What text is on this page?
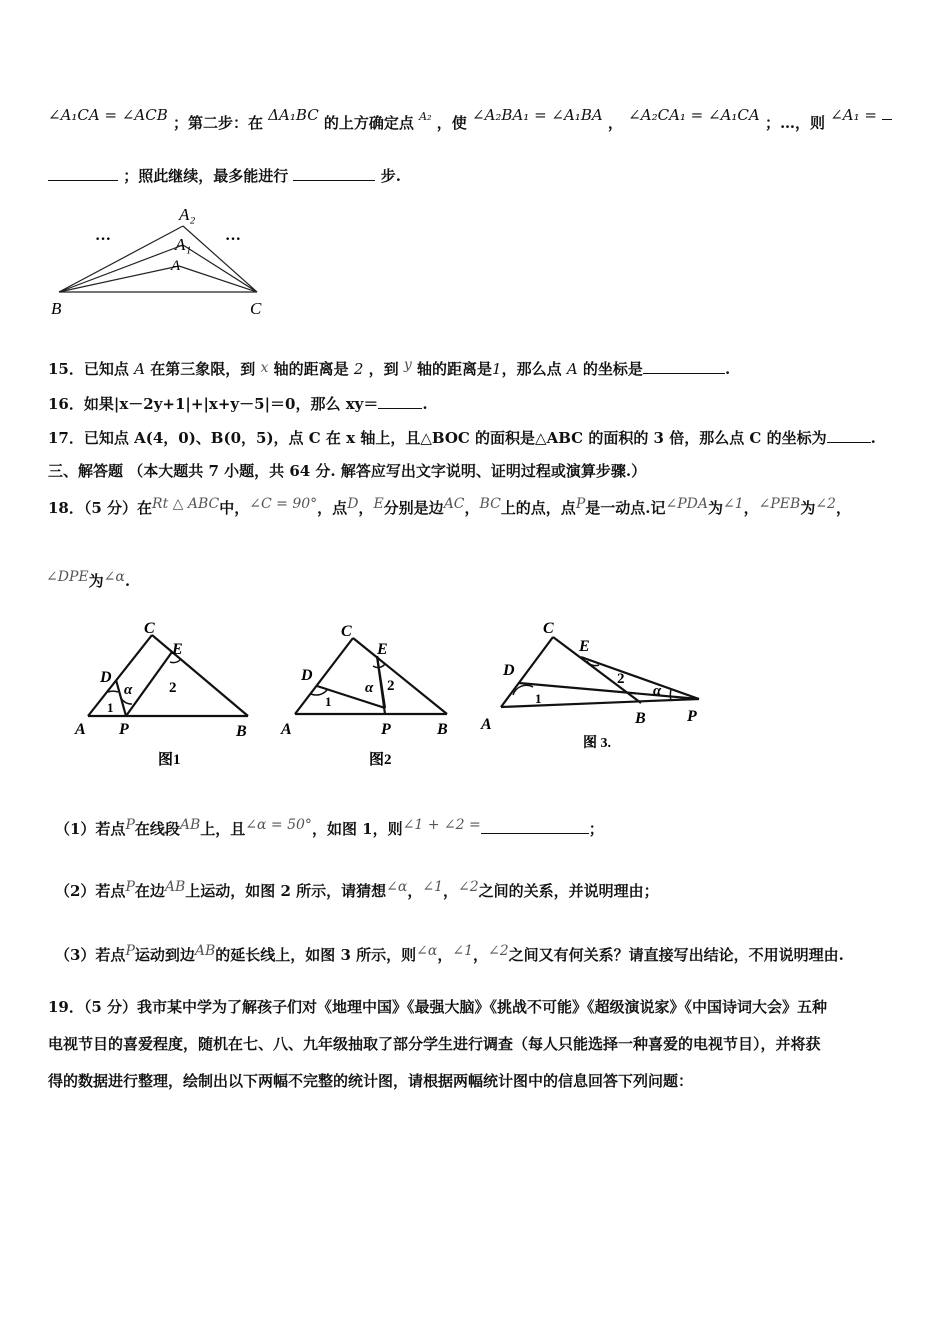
∠A₁CA = ∠ACB ；第二步：在 ΔA₁BC 的上方确定点 A₂ ，使 ∠A₂BA₁ = ∠A₁BA ， ∠A₂CA₁ = ∠A₁CA ；…，则 ∠A₁ =
；照此继续，最多能进行	步.
A₂
A₁
A
B	C
···	···
15．已知点 A 在第三象限，到 x 轴的距离是 2 ，到 y 轴的距离是1，那么点 A 的坐标是	.
16．如果|x－2y+1|+|x+y－5|＝0，那么 xy＝	.
17．已知点 A(4，0)、B(0，5)，点 C 在 x 轴上，且△BOC 的面积是△ABC 的面积的 3 倍，那么点 C 的坐标为	.
三、解答题 （本大题共 7 小题，共 64 分. 解答应写出文字说明、证明过程或演算步骤.）
18．（5 分）在Rt △ ABC中，∠C = 90°，点D，E分别是边AC，BC上的点，点P是一动点.记∠PDA为∠1，∠PEB为∠2，
∠DPE为∠α.
C
E
D
α 2
1
A P	B
图1
C
E
D
α 2
1
A	P	B
图2
C
E
D
α
2
1
A	B	P
图 3.
（1）若点P在线段AB上，且∠α = 50°，如图 1，则∠1 + ∠2 =	；
（2）若点P在边AB上运动，如图 2 所示，请猜想∠α，∠1，∠2之间的关系，并说明理由；
（3）若点P运动到边AB的延长线上，如图 3 所示，则∠α，∠1，∠2之间又有何关系？请直接写出结论，不用说明理由.
19．（5 分）我市某中学为了解孩子们对《地理中国》《最强大脑》《挑战不可能》《超级演说家》《中国诗词大会》五种
电视节目的喜爱程度，随机在七、八、九年级抽取了部分学生进行调查（每人只能选择一种喜爱的电视节目），并将获
得的数据进行整理，绘制出以下两幅不完整的统计图，请根据两幅统计图中的信息回答下列问题：
